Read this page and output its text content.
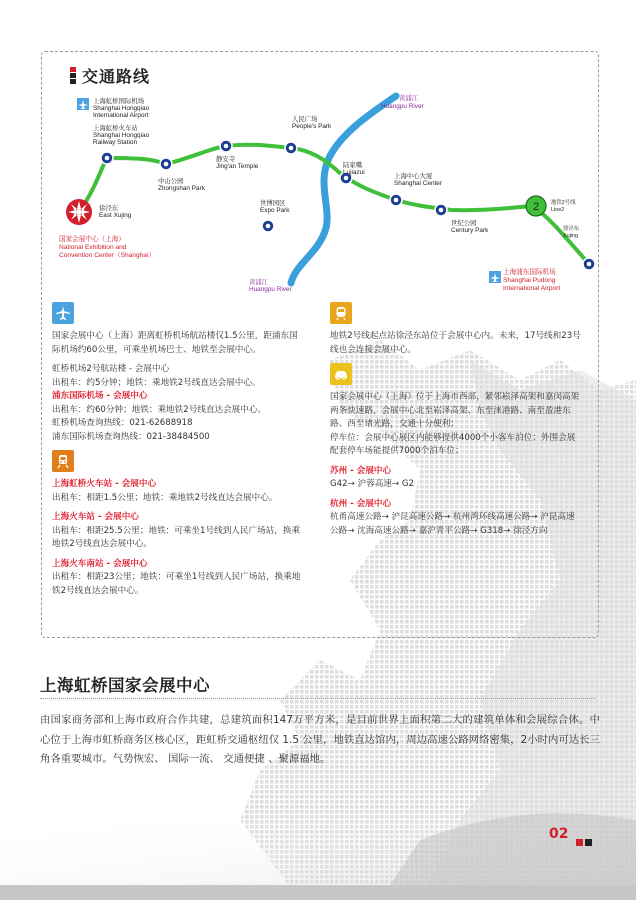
交通路线
2
上海虹桥国际机场
Shanghai Hongqiao
International Airport
上海虹桥火车站
Shanghai Hongqiao
Railway Station
徐泾东
East Xujing
中山公园
Zhongshan Park
静安寺
Jing'an Temple
人民广场
People's Park
世博园区
Expo Park
陆家嘴
Lujiazui
上海中心大厦
Shanghai Center
世纪公园
Century Park
地铁2号线
Line2
徐泾东
Xujing
黄浦江
Huangpu River
黄浦江
Huangpu River
国家会展中心（上海）
National Exhibition and
Convention Center（Shanghai）
上海浦东国际机场
Shanghai Pudong
International Airport

国家会展中心（上海）距离虹桥机场航站楼仅1.5公里，距浦东国际机场约60公里，可乘坐机场巴士、地铁至会展中心。

虹桥机场2号航站楼 - 会展中心

出租车：约5分钟；地铁：乘地铁2号线直达会展中心。

浦东国际机场 - 会展中心

出租车：约60分钟；地铁：乘地铁2号线直达会展中心。

虹桥机场查询热线：021-62688918

浦东国际机场查询热线：021-38484500

上海虹桥火车站 - 会展中心

出租车：相距1.5公里；地铁：乘地铁2号线直达会展中心。

上海火车站 - 会展中心

出租车：相距25.5公里；地铁：可乘坐1号线到人民广场站，换乘地铁2号线直达会展中心。

上海火车南站 - 会展中心

出租车：相距23公里；地铁：可乘坐1号线到人民广场站，换乘地铁2号线直达会展中心。

地铁2号线起点站徐泾东站位于会展中心内。未来，17号线和23号线也会连接会展中心。

国家会展中心（上海）位于上海市西部，紧邻崧泽高架和嘉闵高架两条快速路，会展中心北至崧泽高架、东至涞港路、南至盈港东路、西至诸光路，交通十分便利；

停车位：会展中心展区内能够提供4000个小客车泊位；外围会展配套停车场能提供7000个泊车位；

苏州 - 会展中心

G42→ 沪蓉高速→ G2

杭州 - 会展中心

杭甬高速公路→ 沪昆高速公路→ 杭州湾环线高速公路→ 沪昆高速公路→ 沈海高速公路→ 嘉沪青平公路→ G318→ 徐泾方向

上海虹桥国家会展中心

由国家商务部和上海市政府合作共建，总建筑面积147万平方米，是目前世界上面积第二大的建筑单体和会展综合体。中心位于上海市虹桥商务区核心区，距虹桥交通枢纽仅 1.5 公里，地铁直达馆内，周边高速公路网络密集，2小时内可达长三角各重要城市。气势恢宏、 国际一流、 交通便捷 、聚源福地。

02
